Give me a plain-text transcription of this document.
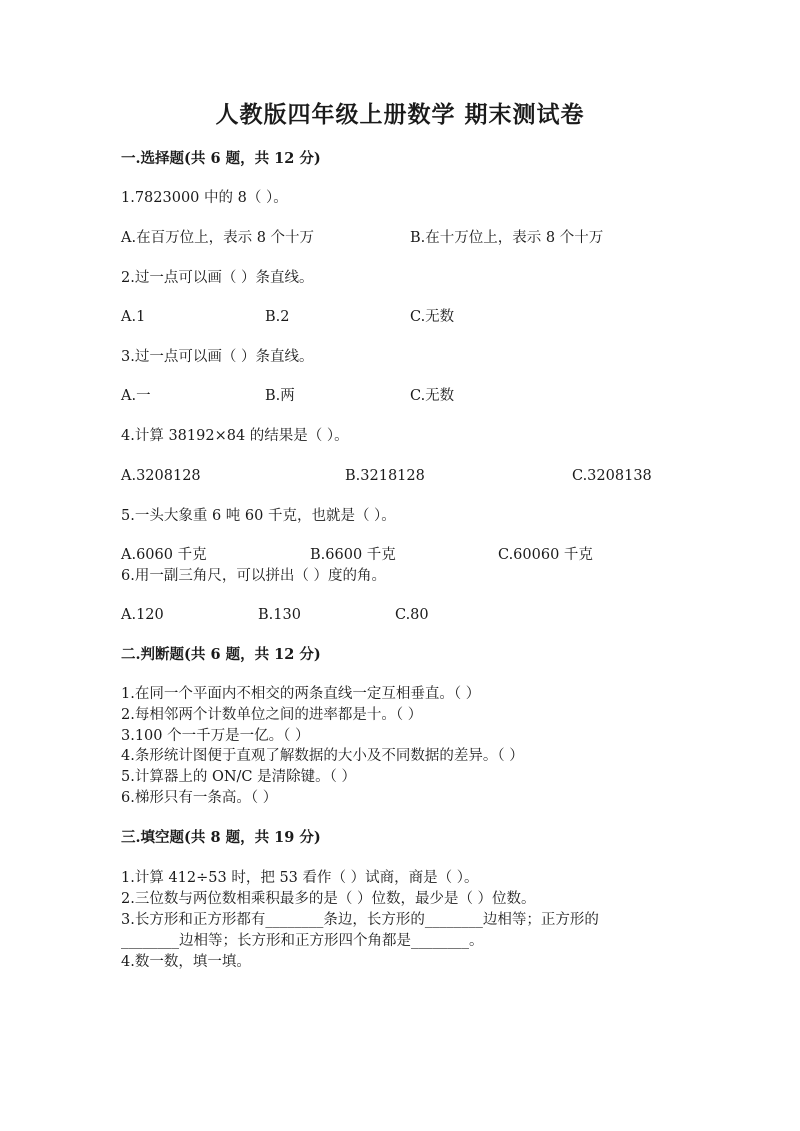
人教版四年级上册数学 期末测试卷
一.选择题(共 6 题，共 12 分)
1.7823000 中的 8（ ）。
A.在百万位上，表示 8 个十万	B.在十万位上，表示 8 个十万
2.过一点可以画（ ）条直线。
A.1	B.2	C.无数
3.过一点可以画（ ）条直线。
A.一	B.两	C.无数
4.计算 38192×84 的结果是（ ）。
A.3208128	B.3218128	C.3208138
5.一头大象重 6 吨 60 千克，也就是（ ）。
A.6060 千克	B.6600 千克	C.60060 千克
6.用一副三角尺，可以拼出（ ）度的角。
A.120	B.130	C.80
二.判断题(共 6 题，共 12 分)
1.在同一个平面内不相交的两条直线一定互相垂直。（ ）
2.每相邻两个计数单位之间的进率都是十。（ ）
3.100 个一千万是一亿。（ ）
4.条形统计图便于直观了解数据的大小及不同数据的差异。（ ）
5.计算器上的 ON/C 是清除键。（ ）
6.梯形只有一条高。（ ）
三.填空题(共 8 题，共 19 分)
1.计算 412÷53 时，把 53 看作（ ）试商，商是（ ）。
2.三位数与两位数相乘积最多的是（ ）位数，最少是（ ）位数。
3.长方形和正方形都有________条边，长方形的________边相等；正方形的
________边相等；长方形和正方形四个角都是________。
4.数一数，填一填。
